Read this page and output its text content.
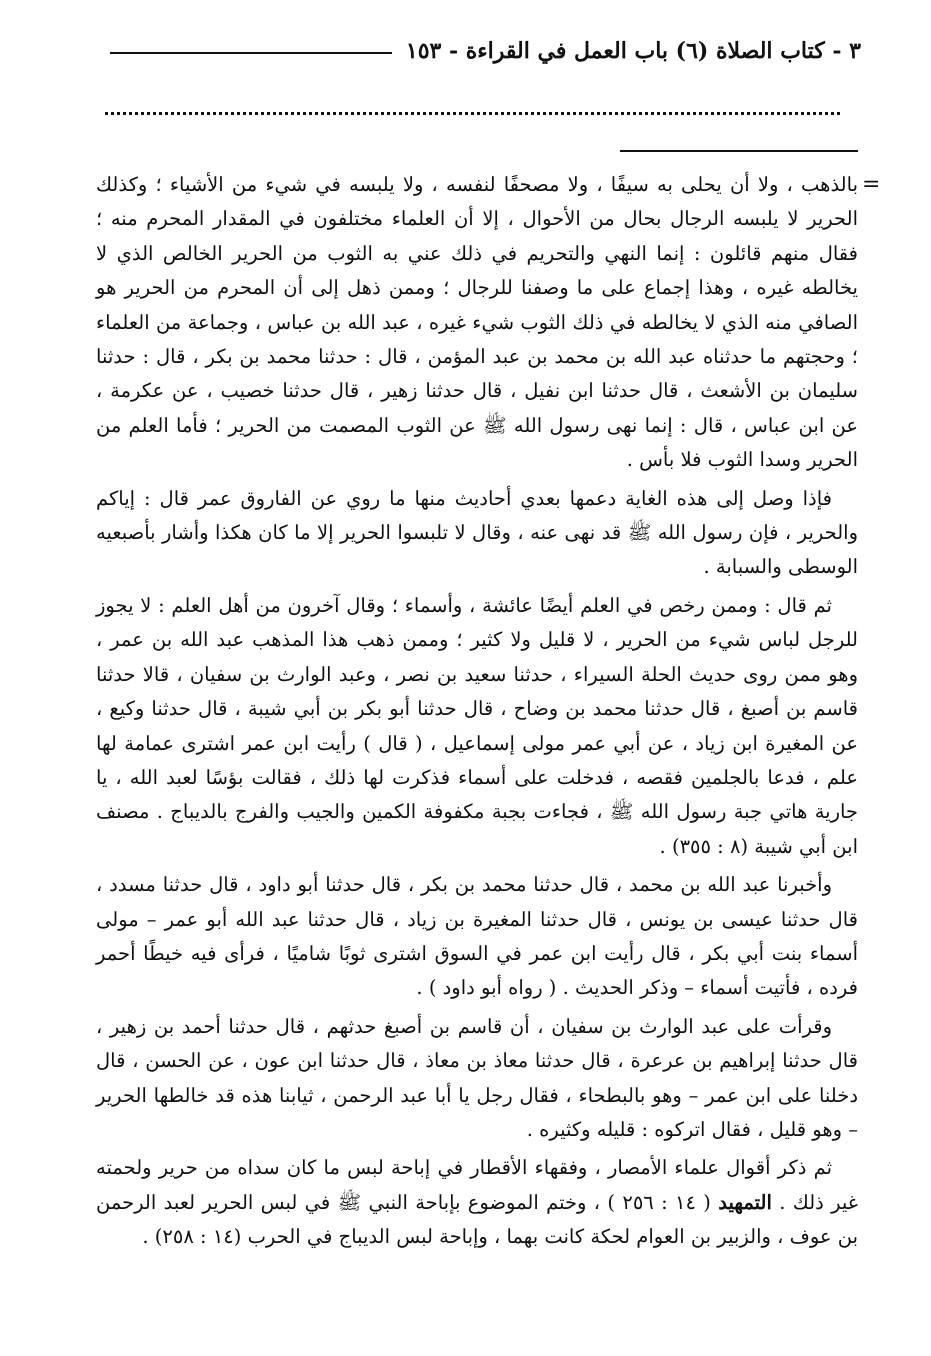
٣ - كتاب الصلاة (٦) باب العمل في القراءة - ١٥٣
=

بالذهب ، ولا أن يحلى به سيفًا ، ولا مصحفًا لنفسه ، ولا يلبسه في شيء من الأشياء ؛ وكذلك الحرير لا يلبسه الرجال بحال من الأحوال ، إلا أن العلماء مختلفون في المقدار المحرم منه ؛ فقال منهم قائلون : إنما النهي والتحريم في ذلك عني به الثوب من الحرير الخالص الذي لا يخالطه غيره ، وهذا إجماع على ما وصفنا للرجال ؛ وممن ذهل إلى أن المحرم من الحرير هو الصافي منه الذي لا يخالطه في ذلك الثوب شيء غيره ، عبد الله بن عباس ، وجماعة من العلماء ؛ وحجتهم ما حدثناه عبد الله بن محمد بن عبد المؤمن ، قال : حدثنا محمد بن بكر ، قال : حدثنا سليمان بن الأشعث ، قال حدثنا ابن نفيل ، قال حدثنا زهير ، قال حدثنا خصيب ، عن عكرمة ، عن ابن عباس ، قال : إنما نهى رسول الله ﷺ عن الثوب المصمت من الحرير ؛ فأما العلم من الحرير وسدا الثوب فلا بأس .

فإذا وصل إلى هذه الغاية دعمها بعدي أحاديث منها ما روي عن الفاروق عمر قال : إياكم والحرير ، فإن رسول الله ﷺ قد نهى عنه ، وقال لا تلبسوا الحرير إلا ما كان هكذا وأشار بأصبعيه الوسطى والسبابة .

ثم قال : وممن رخص في العلم أيضًا عائشة ، وأسماء ؛ وقال آخرون من أهل العلم : لا يجوز للرجل لباس شيء من الحرير ، لا قليل ولا كثير ؛ وممن ذهب هذا المذهب عبد الله بن عمر ، وهو ممن روى حديث الحلة السيراء ، حدثنا سعيد بن نصر ، وعبد الوارث بن سفيان ، قالا حدثنا قاسم بن أصبغ ، قال حدثنا محمد بن وضاح ، قال حدثنا أبو بكر بن أبي شيبة ، قال حدثنا وكيع ، عن المغيرة ابن زياد ، عن أبي عمر مولى إسماعيل ، ( قال ) رأيت ابن عمر اشترى عمامة لها علم ، فدعا بالجلمين فقصه ، فدخلت على أسماء فذكرت لها ذلك ، فقالت بؤسًا لعبد الله ، يا جارية هاتي جبة رسول الله ﷺ ، فجاءت بجبة مكفوفة الكمين والجيب والفرج بالديباج . مصنف ابن أبي شيبة (٨ : ٣٥٥) .

وأخبرنا عبد الله بن محمد ، قال حدثنا محمد بن بكر ، قال حدثنا أبو داود ، قال حدثنا مسدد ، قال حدثنا عيسى بن يونس ، قال حدثنا المغيرة بن زياد ، قال حدثنا عبد الله أبو عمر – مولى أسماء بنت أبي بكر ، قال رأيت ابن عمر في السوق اشترى ثوبًا شاميًا ، فرأى فيه خيطًا أحمر فرده ، فأتيت أسماء – وذكر الحديث . ( رواه أبو داود ) .

وقرأت على عبد الوارث بن سفيان ، أن قاسم بن أصبغ حدثهم ، قال حدثنا أحمد بن زهير ، قال حدثنا إبراهيم بن عرعرة ، قال حدثنا معاذ بن معاذ ، قال حدثنا ابن عون ، عن الحسن ، قال دخلنا على ابن عمر – وهو بالبطحاء ، فقال رجل يا أبا عبد الرحمن ، ثيابنا هذه قد خالطها الحرير – وهو قليل ، فقال اتركوه : قليله وكثيره .

ثم ذكر أقوال علماء الأمصار ، وفقهاء الأقطار في إباحة لبس ما كان سداه من حرير ولحمته غير ذلك . التمهيد ( ١٤ : ٢٥٦ ) ، وختم الموضوع بإباحة النبي ﷺ في لبس الحرير لعبد الرحمن بن عوف ، والزبير بن العوام لحكة كانت بهما ، وإباحة لبس الديباج في الحرب (١٤ : ٢٥٨) .
